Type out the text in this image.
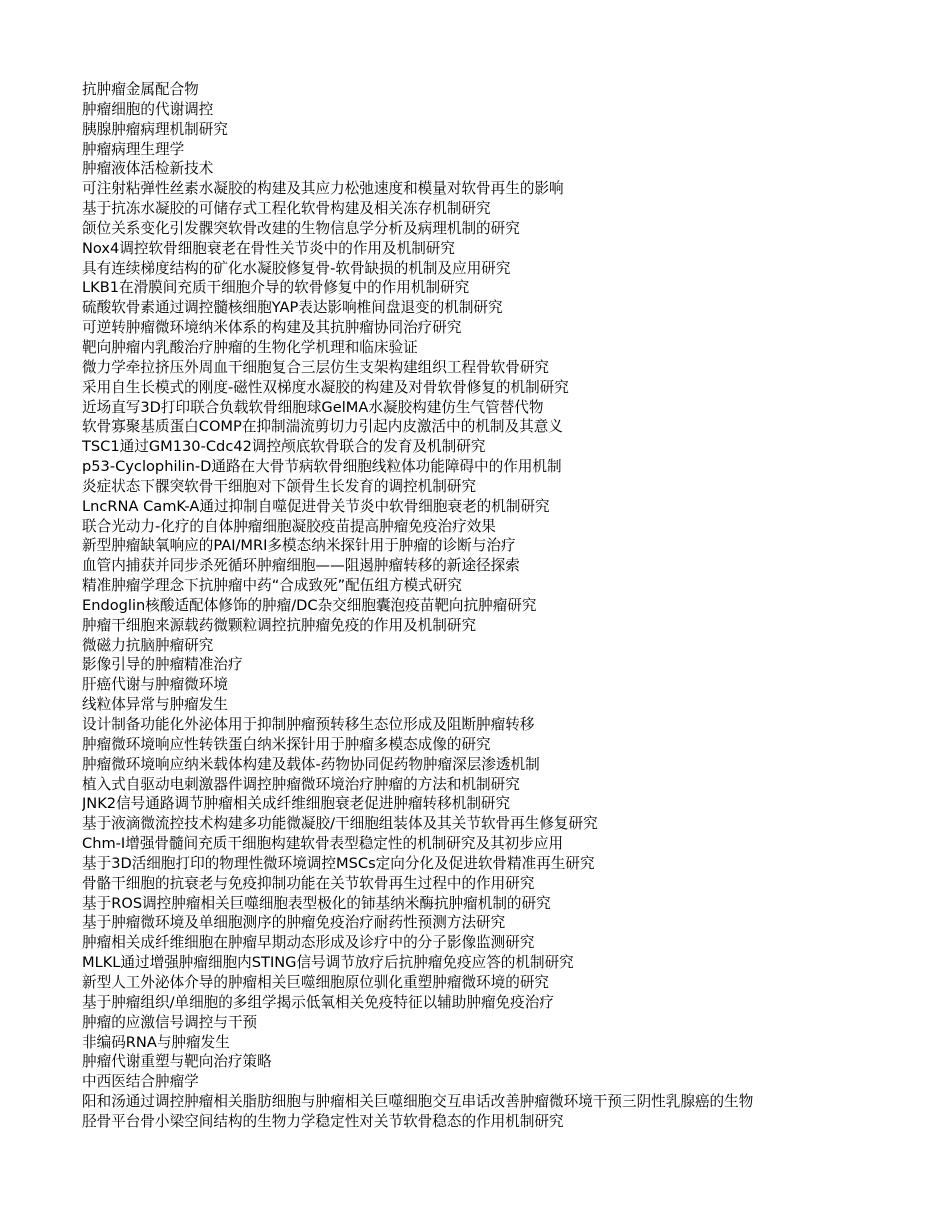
抗肿瘤金属配合物
肿瘤细胞的代谢调控
胰腺肿瘤病理机制研究
肿瘤病理生理学
肿瘤液体活检新技术
可注射粘弹性丝素水凝胶的构建及其应力松弛速度和模量对软骨再生的影响
基于抗冻水凝胶的可储存式工程化软骨构建及相关冻存机制研究
颌位关系变化引发髁突软骨改建的生物信息学分析及病理机制的研究
Nox4调控软骨细胞衰老在骨性关节炎中的作用及机制研究
具有连续梯度结构的矿化水凝胶修复骨-软骨缺损的机制及应用研究
LKB1在滑膜间充质干细胞介导的软骨修复中的作用机制研究
硫酸软骨素通过调控髓核细胞YAP表达影响椎间盘退变的机制研究
可逆转肿瘤微环境纳米体系的构建及其抗肿瘤协同治疗研究
靶向肿瘤内乳酸治疗肿瘤的生物化学机理和临床验证
微力学牵拉挤压外周血干细胞复合三层仿生支架构建组织工程骨软骨研究
采用自生长模式的刚度-磁性双梯度水凝胶的构建及对骨软骨修复的机制研究
近场直写3D打印联合负载软骨细胞球GelMA水凝胶构建仿生气管替代物
软骨寡聚基质蛋白COMP在抑制湍流剪切力引起内皮激活中的机制及其意义
TSC1通过GM130-Cdc42调控颅底软骨联合的发育及机制研究
p53-Cyclophilin-D通路在大骨节病软骨细胞线粒体功能障碍中的作用机制
炎症状态下髁突软骨干细胞对下颌骨生长发育的调控机制研究
LncRNA CamK-A通过抑制自噬促进骨关节炎中软骨细胞衰老的机制研究
联合光动力-化疗的自体肿瘤细胞凝胶疫苗提高肿瘤免疫治疗效果
新型肿瘤缺氧响应的PAI/MRI多模态纳米探针用于肿瘤的诊断与治疗
血管内捕获并同步杀死循环肿瘤细胞——阻遏肿瘤转移的新途径探索
精准肿瘤学理念下抗肿瘤中药“合成致死”配伍组方模式研究
Endoglin核酸适配体修饰的肿瘤/DC杂交细胞囊泡疫苗靶向抗肿瘤研究
肿瘤干细胞来源载药微颗粒调控抗肿瘤免疫的作用及机制研究
微磁力抗脑肿瘤研究
影像引导的肿瘤精准治疗
肝癌代谢与肿瘤微环境
线粒体异常与肿瘤发生
设计制备功能化外泌体用于抑制肿瘤预转移生态位形成及阻断肿瘤转移
肿瘤微环境响应性转铁蛋白纳米探针用于肿瘤多模态成像的研究
肿瘤微环境响应纳米载体构建及载体-药物协同促药物肿瘤深层渗透机制
植入式自驱动电刺激器件调控肿瘤微环境治疗肿瘤的方法和机制研究
JNK2信号通路调节肿瘤相关成纤维细胞衰老促进肿瘤转移机制研究
基于液滴微流控技术构建多功能微凝胶/干细胞组装体及其关节软骨再生修复研究
Chm-I增强骨髓间充质干细胞构建软骨表型稳定性的机制研究及其初步应用
基于3D活细胞打印的物理性微环境调控MSCs定向分化及促进软骨精准再生研究
骨骼干细胞的抗衰老与免疫抑制功能在关节软骨再生过程中的作用研究
基于ROS调控肿瘤相关巨噬细胞表型极化的铈基纳米酶抗肿瘤机制的研究
基于肿瘤微环境及单细胞测序的肿瘤免疫治疗耐药性预测方法研究
肿瘤相关成纤维细胞在肿瘤早期动态形成及诊疗中的分子影像监测研究
MLKL通过增强肿瘤细胞内STING信号调节放疗后抗肿瘤免疫应答的机制研究
新型人工外泌体介导的肿瘤相关巨噬细胞原位驯化重塑肿瘤微环境的研究
基于肿瘤组织/单细胞的多组学揭示低氧相关免疫特征以辅助肿瘤免疫治疗
肿瘤的应激信号调控与干预
非编码RNA与肿瘤发生
肿瘤代谢重塑与靶向治疗策略
中西医结合肿瘤学
阳和汤通过调控肿瘤相关脂肪细胞与肿瘤相关巨噬细胞交互串话改善肿瘤微环境干预三阴性乳腺癌的生物
胫骨平台骨小梁空间结构的生物力学稳定性对关节软骨稳态的作用机制研究
